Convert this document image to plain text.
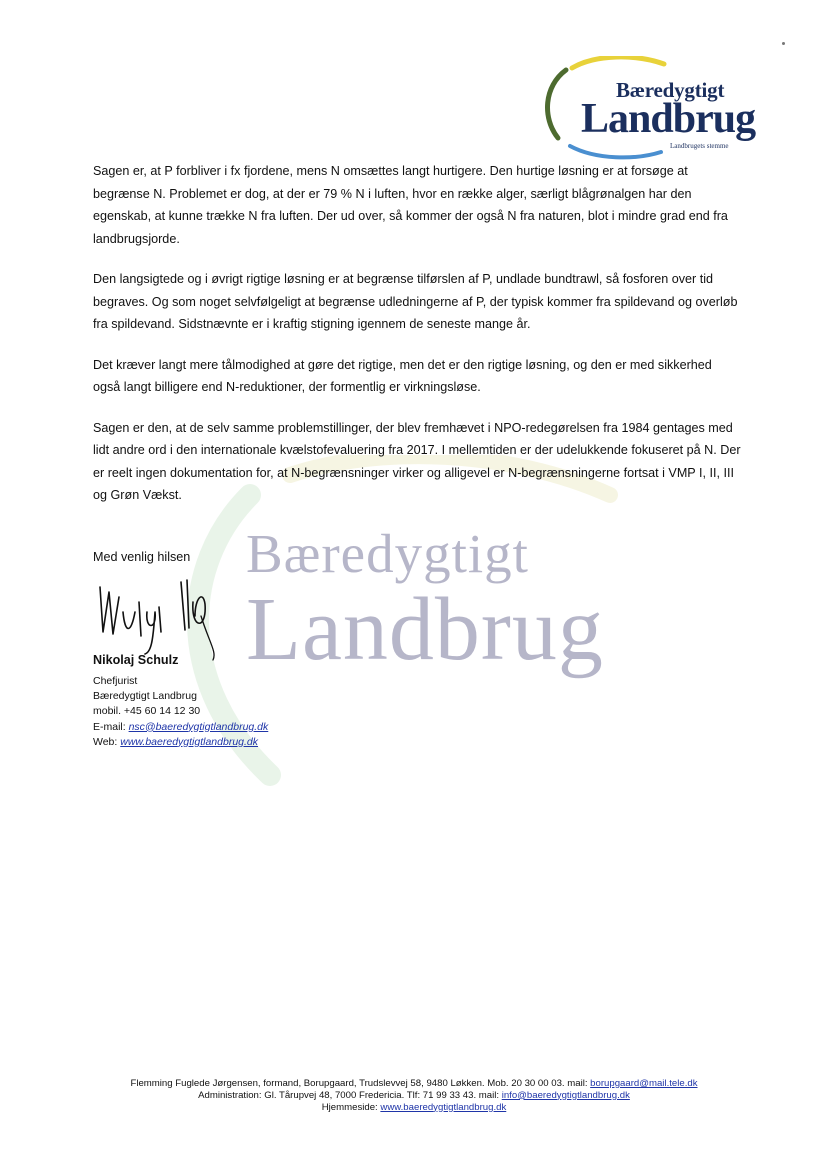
Bæredygtigt
Landbrug
Landbrugets stemme
Bæredygtigt
Landbrug

Sagen er, at P forbliver i fx fjordene, mens N omsættes langt hurtigere. Den hurtige løsning er at forsøge at begrænse N. Problemet er dog, at der er 79 % N i luften, hvor en række alger, særligt blågrønalgen har den egenskab, at kunne trække N fra luften. Der ud over, så kommer der også N fra naturen, blot i mindre grad end fra landbrugsjorde.

Den langsigtede og i øvrigt rigtige løsning er at begrænse tilførslen af P, undlade bundtrawl, så fosforen over tid begraves. Og som noget selvfølgeligt at begrænse udledningerne af P, der typisk kommer fra spildevand og overløb fra spildevand. Sidstnævnte er i kraftig stigning igennem de seneste mange år.

Det kræver langt mere tålmodighed at gøre det rigtige, men det er den rigtige løsning, og den er med sikkerhed også langt billigere end N-reduktioner, der formentlig er virkningsløse.

Sagen er den, at de selv samme problemstillinger, der blev fremhævet i NPO-redegørelsen fra 1984 gentages med lidt andre ord i den internationale kvælstofevaluering fra 2017. I mellemtiden er der udelukkende fokuseret på N. Der er reelt ingen dokumentation for, at N-begrænsninger virker og alligevel er N-begrænsningerne fortsat i VMP I, II, III og Grøn Vækst.

Med venlig hilsen

Nikolaj Schulz
Chefjurist
Bæredygtigt Landbrug
mobil. +45 60 14 12 30
E-mail: nsc@baeredygtigtlandbrug.dk
Web: www.baeredygtigtlandbrug.dk
Flemming Fuglede Jørgensen, formand, Borupgaard, Trudslevvej 58, 9480 Løkken. Mob. 20 30 00 03. mail: borupgaard@mail.tele.dk
Administration: Gl. Tårupvej 48, 7000 Fredericia. Tlf: 71 99 33 43. mail: info@baeredygtigtlandbrug.dk
Hjemmeside: www.baeredygtigtlandbrug.dk
